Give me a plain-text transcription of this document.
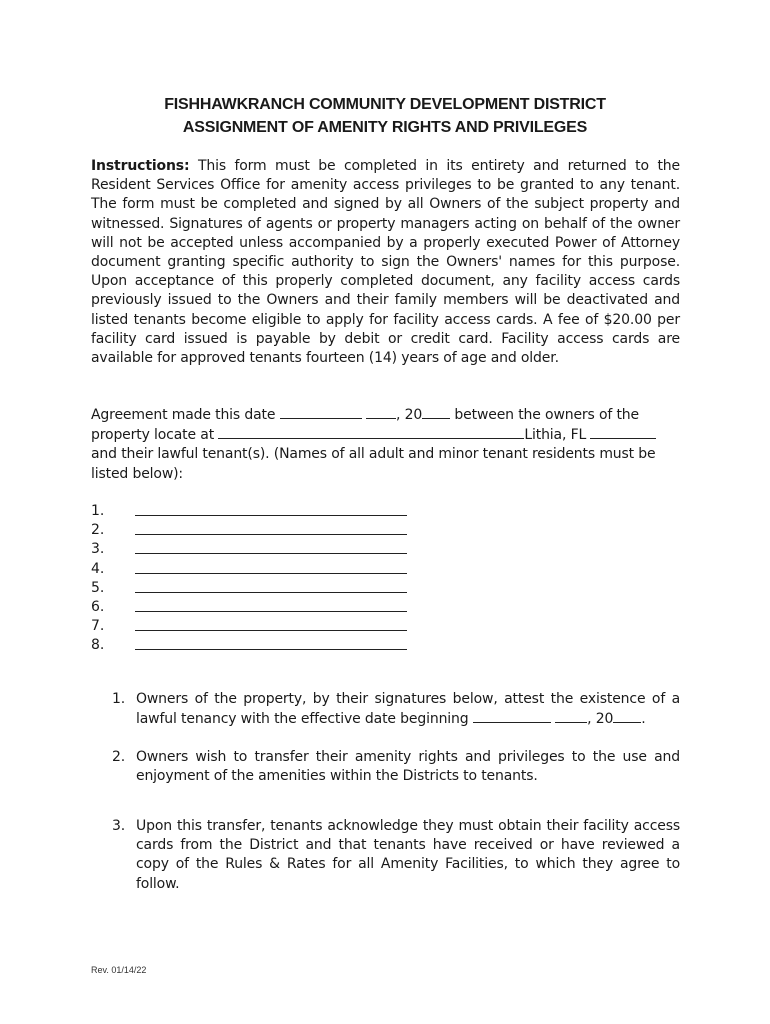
FISHHAWKRANCH COMMUNITY DEVELOPMENT DISTRICT
ASSIGNMENT OF AMENITY RIGHTS AND PRIVILEGES
Instructions: This form must be completed in its entirety and returned to the Resident Services Office for amenity access privileges to be granted to any tenant. The form must be completed and signed by all Owners of the subject property and witnessed. Signatures of agents or property managers acting on behalf of the owner will not be accepted unless accompanied by a properly executed Power of Attorney document granting specific authority to sign the Owners' names for this purpose. Upon acceptance of this properly completed document, any facility access cards previously issued to the Owners and their family members will be deactivated and listed tenants become eligible to apply for facility access cards. A fee of $20.00 per facility card issued is payable by debit or credit card. Facility access cards are available for approved tenants fourteen (14) years of age and older.
Agreement made this date	, 20 between the owners of the property locate at	Lithia, FL  and their lawful tenant(s). (Names of all adult and minor tenant residents must be listed below):
1.
2.
3.
4.
5.
6.
7.
8.
1. Owners of the property, by their signatures below, attest the existence of a lawful tenancy with the effective date beginning	, 20 .
2. Owners wish to transfer their amenity rights and privileges to the use and enjoyment of the amenities within the Districts to tenants.
3. Upon this transfer, tenants acknowledge they must obtain their facility access cards from the District and that tenants have received or have reviewed a copy of the Rules & Rates for all Amenity Facilities, to which they agree to follow.
Rev. 01/14/22
